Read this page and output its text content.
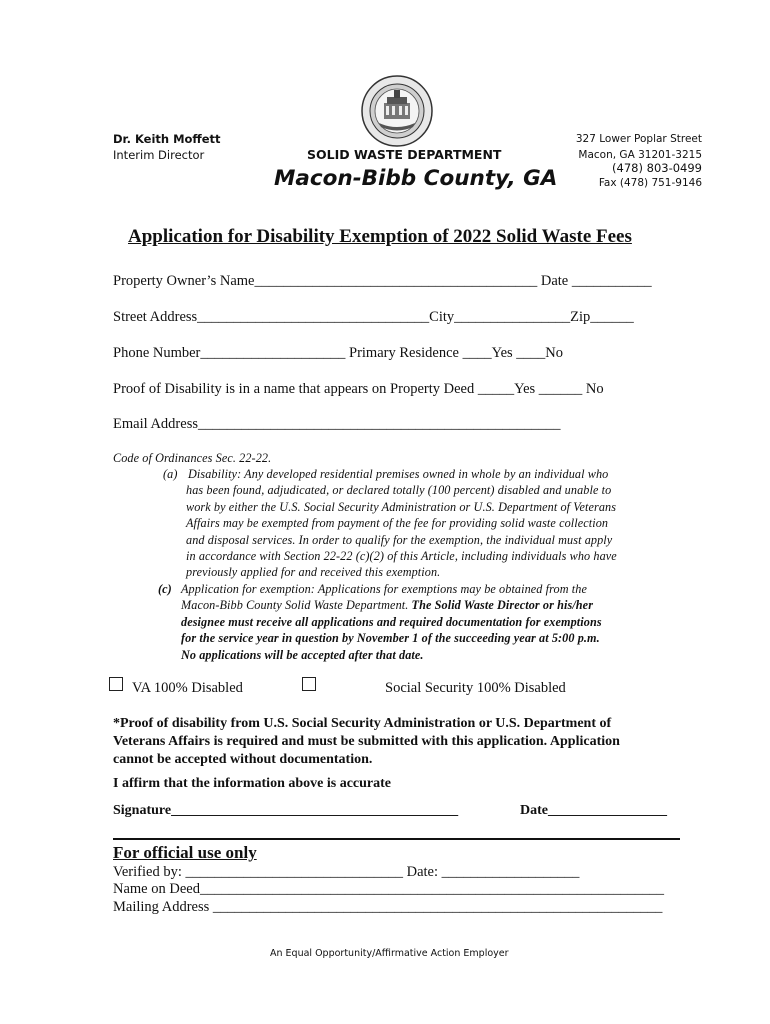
Dr. Keith Moffett
Interim Director	SOLID WASTE DEPARTMENT
Macon-Bibb County, GA
327 Lower Poplar Street
Macon, GA 31201-3215
(478) 803-0499
Fax (478) 751-9146
Application for Disability Exemption of 2022 Solid Waste Fees
Property Owner’s Name_______________________________________ Date ___________
Street Address________________________________City________________Zip______
Phone Number____________________ Primary Residence ____Yes ____No
Proof of Disability is in a name that appears on Property Deed _____Yes ______ No
Email Address__________________________________________________
Code of Ordinances Sec. 22-22.
(a) Disability: Any developed residential premises owned in whole by an individual who
has been found, adjudicated, or declared totally (100 percent) disabled and unable to
work by either the U.S. Social Security Administration or U.S. Department of Veterans
Affairs may be exempted from payment of the fee for providing solid waste collection
and disposal services. In order to qualify for the exemption, the individual must apply
in accordance with Section 22-22 (c)(2) of this Article, including individuals who have
previously applied for and received this exemption.
(c) Application for exemption: Applications for exemptions may be obtained from the
Macon-Bibb County Solid Waste Department. The Solid Waste Director or his/her
designee must receive all applications and required documentation for exemptions
for the service year in question by November 1 of the succeeding year at 5:00 p.m.
No applications will be accepted after that date.
VA 100% Disabled	Social Security 100% Disabled
*Proof of disability from U.S. Social Security Administration or U.S. Department of
Veterans Affairs is required and must be submitted with this application. Application
cannot be accepted without documentation.
I affirm that the information above is accurate
Signature_________________________________________	Date_________________
For official use only
Verified by: ______________________________ Date: ___________________
Name on Deed________________________________________________________________
Mailing Address ______________________________________________________________
An Equal Opportunity/Affirmative Action Employer
